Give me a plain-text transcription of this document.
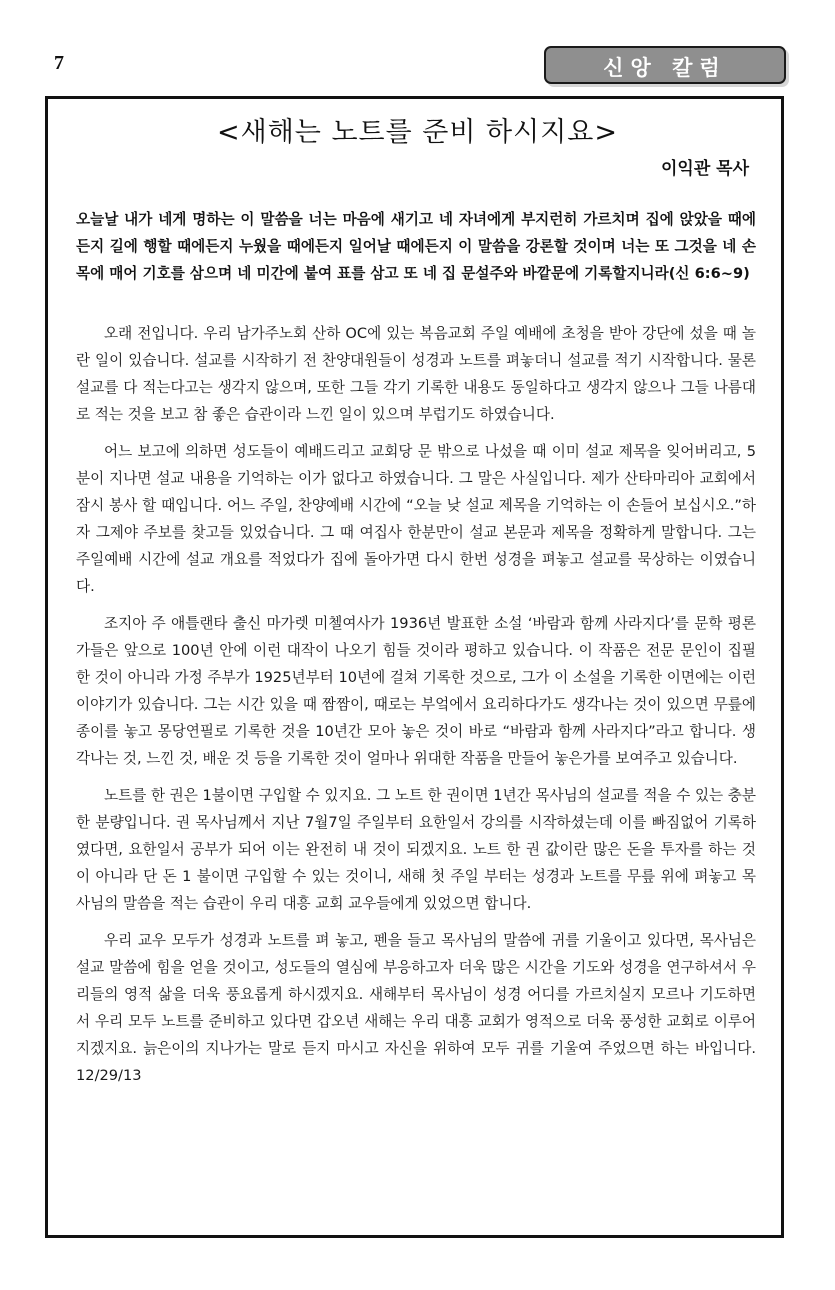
7	신앙 칼럼
<새해는 노트를 준비 하시지요>
이익관 목사
오늘날 내가 네게 명하는 이 말씀을 너는 마음에 새기고 네 자녀에게 부지런히 가르치며 집에 앉았을 때에든지 길에 행할 때에든지 누웠을 때에든지 일어날 때에든지 이 말씀을 강론할 것이며 너는 또 그것을 네 손목에 매어 기호를 삼으며 네 미간에 붙여 표를 삼고 또 네 집 문설주와 바깥문에 기록할지니라(신 6:6~9)

오래 전입니다. 우리 남가주노회 산하 OC에 있는 복음교회 주일 예배에 초청을 받아 강단에 섰을 때 놀란 일이 있습니다. 설교를 시작하기 전 찬양대원들이 성경과 노트를 펴놓더니 설교를 적기 시작합니다. 물론 설교를 다 적는다고는 생각지 않으며, 또한 그들 각기 기록한 내용도 동일하다고 생각지 않으나 그들 나름대로 적는 것을 보고 참 좋은 습관이라 느낀 일이 있으며 부럽기도 하였습니다.

어느 보고에 의하면 성도들이 예배드리고 교회당 문 밖으로 나섰을 때 이미 설교 제목을 잊어버리고, 5분이 지나면 설교 내용을 기억하는 이가 없다고 하였습니다. 그 말은 사실입니다. 제가 산타마리아 교회에서 잠시 봉사 할 때입니다. 어느 주일, 찬양예배 시간에 “오늘 낮 설교 제목을 기억하는 이 손들어 보십시오.”하자 그제야 주보를 찾고들 있었습니다. 그 때 여집사 한분만이 설교 본문과 제목을 정확하게 말합니다. 그는 주일예배 시간에 설교 개요를 적었다가 집에 돌아가면 다시 한번 성경을 펴놓고 설교를 묵상하는 이였습니다.

조지아 주 애틀랜타 출신 마가렛 미첼여사가 1936년 발표한 소설 ‘바람과 함께 사라지다’를 문학 평론가들은 앞으로 100년 안에 이런 대작이 나오기 힘들 것이라 평하고 있습니다. 이 작품은 전문 문인이 집필한 것이 아니라 가정 주부가 1925년부터 10년에 걸쳐 기록한 것으로, 그가 이 소설을 기록한 이면에는 이런 이야기가 있습니다. 그는 시간 있을 때 짬짬이, 때로는 부엌에서 요리하다가도 생각나는 것이 있으면 무릎에 종이를 놓고 몽당연필로 기록한 것을 10년간 모아 놓은 것이 바로 “바람과 함께 사라지다”라고 합니다. 생각나는 것, 느낀 것, 배운 것 등을 기록한 것이 얼마나 위대한 작품을 만들어 놓은가를 보여주고 있습니다.

노트를 한 권은 1불이면 구입할 수 있지요. 그 노트 한 권이면 1년간 목사님의 설교를 적을 수 있는 충분한 분량입니다. 권 목사님께서 지난 7월7일 주일부터 요한일서 강의를 시작하셨는데 이를 빠짐없어 기록하였다면, 요한일서 공부가 되어 이는 완전히 내 것이 되겠지요. 노트 한 권 값이란 많은 돈을 투자를 하는 것이 아니라 단 돈 1 불이면 구입할 수 있는 것이니, 새해 첫 주일 부터는 성경과 노트를 무릎 위에 펴놓고 목사님의 말씀을 적는 습관이 우리 대흥 교회 교우들에게 있었으면 합니다.

우리 교우 모두가 성경과 노트를 펴 놓고, 펜을 들고 목사님의 말씀에 귀를 기울이고 있다면, 목사님은 설교 말씀에 힘을 얻을 것이고, 성도들의 열심에 부응하고자 더욱 많은 시간을 기도와 성경을 연구하셔서 우리들의 영적 삶을 더욱 풍요롭게 하시겠지요. 새해부터 목사님이 성경 어디를 가르치실지 모르나 기도하면서 우리 모두 노트를 준비하고 있다면 갑오년 새해는 우리 대흥 교회가 영적으로 더욱 풍성한 교회로 이루어지겠지요. 늙은이의 지나가는 말로 듣지 마시고 자신을 위하여 모두 귀를 기울여 주었으면 하는 바입니다. 12/29/13
